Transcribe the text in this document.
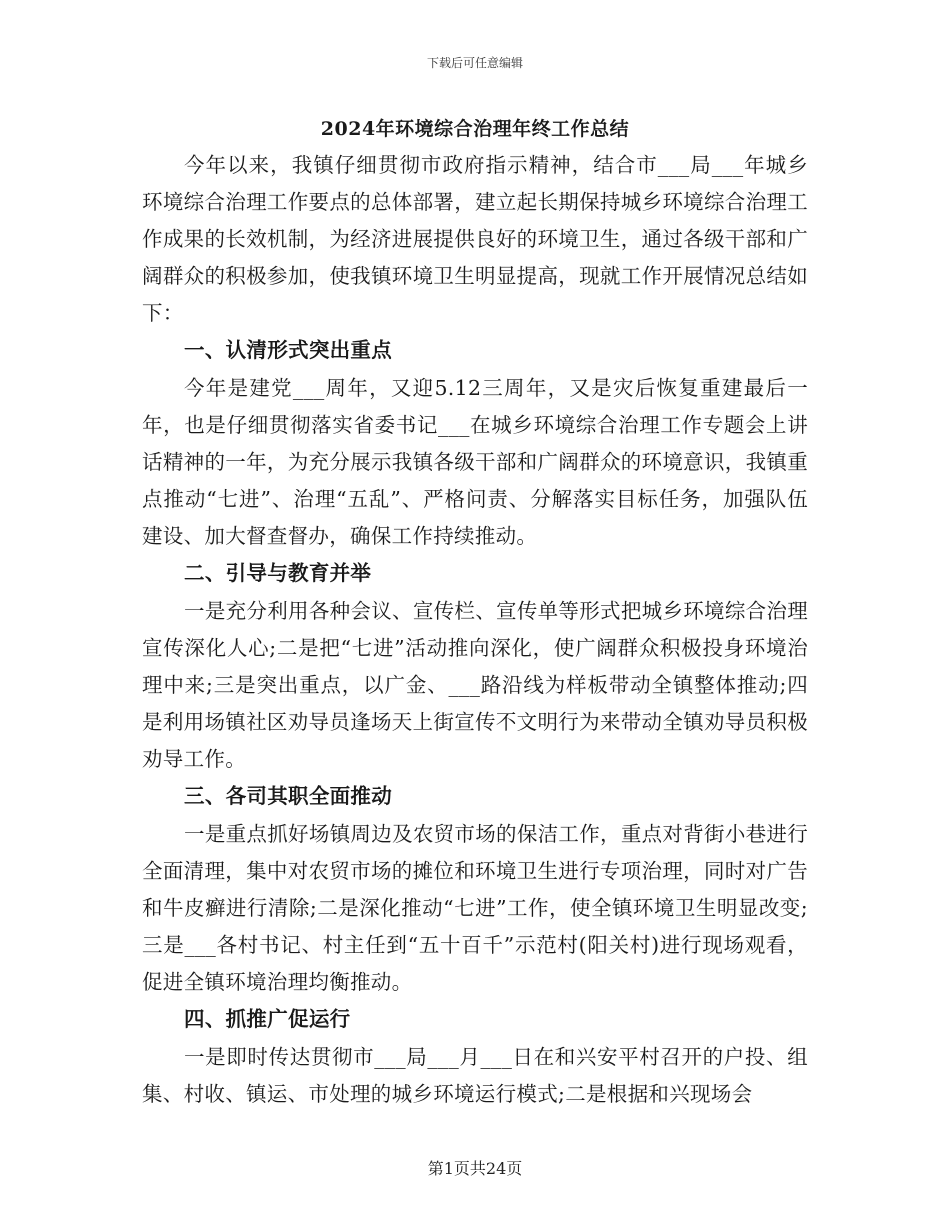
下载后可任意编辑
2024年环境综合治理年终工作总结

今年以来，我镇仔细贯彻市政府指示精神，结合市___局___年城乡环境综合治理工作要点的总体部署，建立起长期保持城乡环境综合治理工作成果的长效机制，为经济进展提供良好的环境卫生，通过各级干部和广阔群众的积极参加，使我镇环境卫生明显提高，现就工作开展情况总结如下：

一、认清形式突出重点

今年是建党___周年，又迎5.12三周年，又是灾后恢复重建最后一年，也是仔细贯彻落实省委书记___在城乡环境综合治理工作专题会上讲话精神的一年，为充分展示我镇各级干部和广阔群众的环境意识，我镇重点推动“七进”、治理“五乱”、严格问责、分解落实目标任务，加强队伍建设、加大督查督办，确保工作持续推动。

二、引导与教育并举

一是充分利用各种会议、宣传栏、宣传单等形式把城乡环境综合治理宣传深化人心;二是把“七进”活动推向深化，使广阔群众积极投身环境治理中来;三是突出重点，以广金、___路沿线为样板带动全镇整体推动;四是利用场镇社区劝导员逢场天上街宣传不文明行为来带动全镇劝导员积极劝导工作。

三、各司其职全面推动

一是重点抓好场镇周边及农贸市场的保洁工作，重点对背街小巷进行全面清理，集中对农贸市场的摊位和环境卫生进行专项治理，同时对广告和牛皮癣进行清除;二是深化推动“七进”工作，使全镇环境卫生明显改变;三是___各村书记、村主任到“五十百千”示范村(阳关村)进行现场观看，促进全镇环境治理均衡推动。

四、抓推广促运行

一是即时传达贯彻市___局___月___日在和兴安平村召开的户投、组集、村收、镇运、市处理的城乡环境运行模式;二是根据和兴现场会

第1页共24页
